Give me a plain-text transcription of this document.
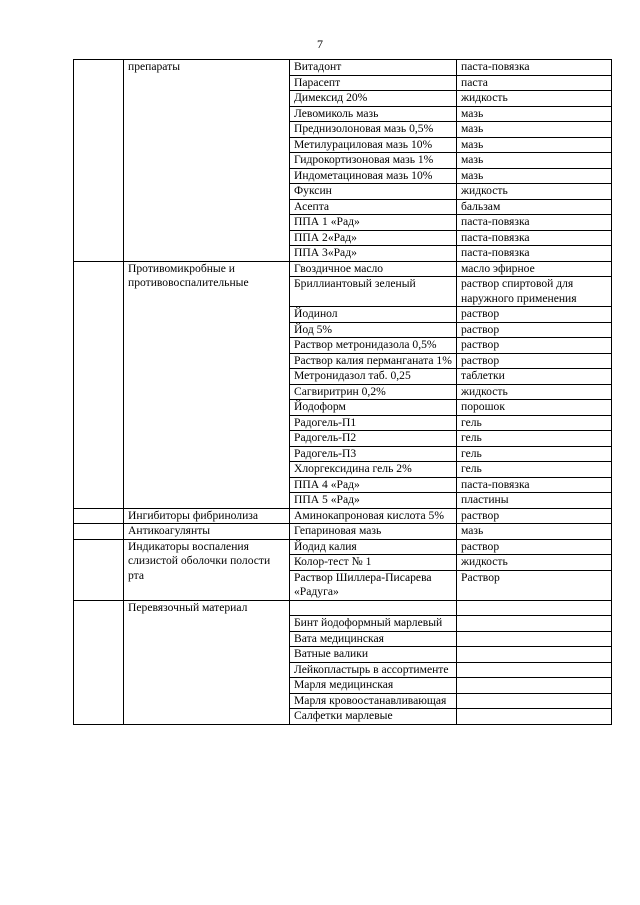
7
	препараты	Витадонт	паста-повязка
		Парасепт	паста
		Димексид 20%	жидкость
		Левомиколь мазь	мазь
		Преднизолоновая мазь 0,5%	мазь
		Метилурациловая мазь 10%	мазь
		Гидрокортизоновая мазь 1%	мазь
		Индометациновая мазь 10%	мазь
		Фуксин	жидкость
		Асепта	бальзам
		ППА 1 «Рад»	паста-повязка
		ППА 2«Рад»	паста-повязка
		ППА 3«Рад»	паста-повязка
	Противомикробные и противовоспалительные	Гвоздичное масло	масло эфирное
		Бриллиантовый зеленый	раствор спиртовой для наружного применения
		Йодинол	раствор
		Йод 5%	раствор
		Раствор метронидазола 0,5%	раствор
		Раствор калия перманганата 1%	раствор
		Метронидазол таб. 0,25	таблетки
		Сагвиритрин 0,2%	жидкость
		Йодоформ	порошок
		Радогель-П1	гель
		Радогель-П2	гель
		Радогель-П3	гель
		Хлоргексидина гель 2%	гель
		ППА 4 «Рад»	паста-повязка
		ППА 5 «Рад»	пластины
	Ингибиторы фибринолиза	Аминокапроновая кислота 5%	раствор
	Антикоагулянты	Гепариновая мазь	мазь
	Индикаторы воспаления слизистой оболочки полости рта	Йодид калия	раствор
		Колор-тест № 1	жидкость
		Раствор Шиллера-Писарева «Радуга»	Раствор
	Перевязочный материал		
		Бинт йодоформный марлевый	
		Вата медицинская	
		Ватные валики	
		Лейкопластырь в ассортименте	
		Марля медицинская	
		Марля кровоостанавливающая	
		Салфетки марлевые	
